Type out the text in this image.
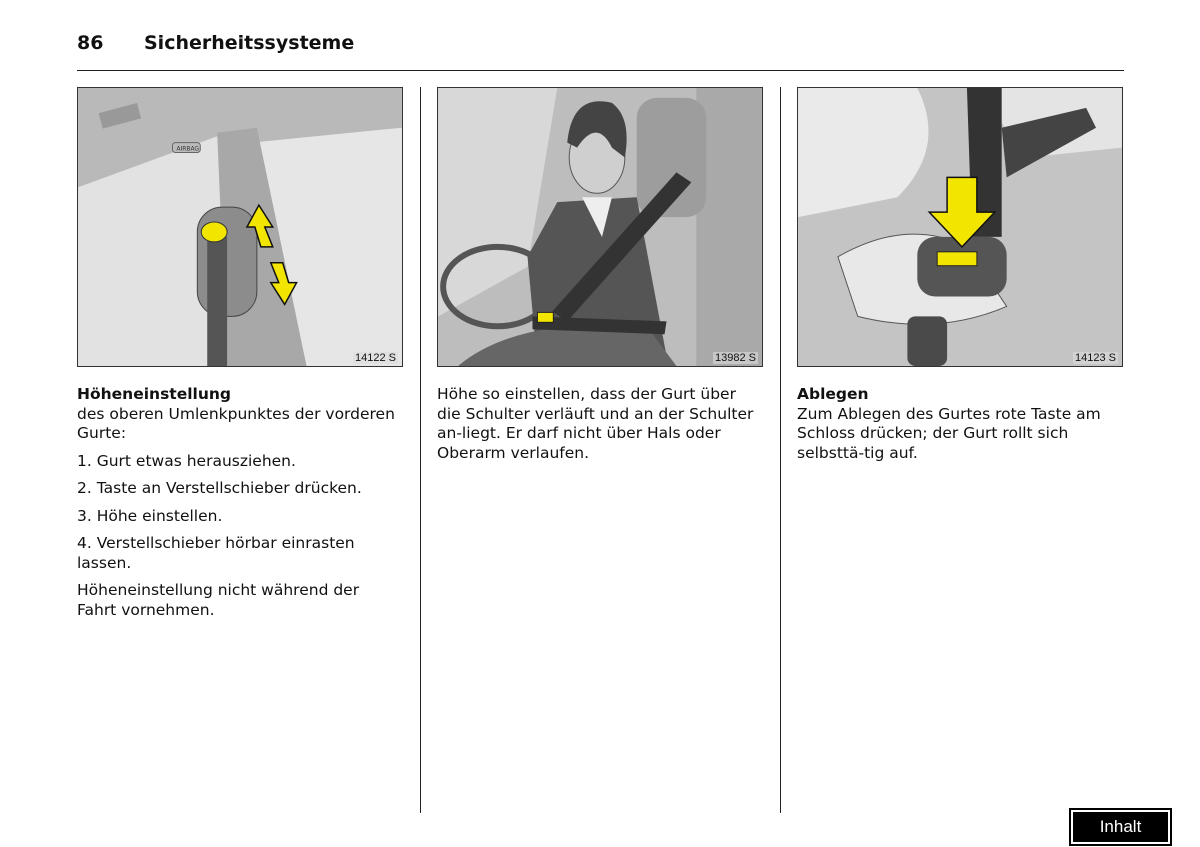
86 Sicherheitssysteme
AIRBAG
14122 S
Höheneinstellung

des oberen Umlenkpunktes der vorderen Gurte:

1. Gurt etwas herausziehen.

2. Taste an Verstellschieber drücken.

3. Höhe einstellen.

4. Verstellschieber hörbar einrasten lassen.

Höheneinstellung nicht während der Fahrt vornehmen.

13982 S

Höhe so einstellen, dass der Gurt über die Schulter verläuft und an der Schulter an-liegt. Er darf nicht über Hals oder Oberarm verlaufen.

14123 S
Ablegen

Zum Ablegen des Gurtes rote Taste am Schloss drücken; der Gurt rollt sich selbsttä-tig auf.

Inhalt
